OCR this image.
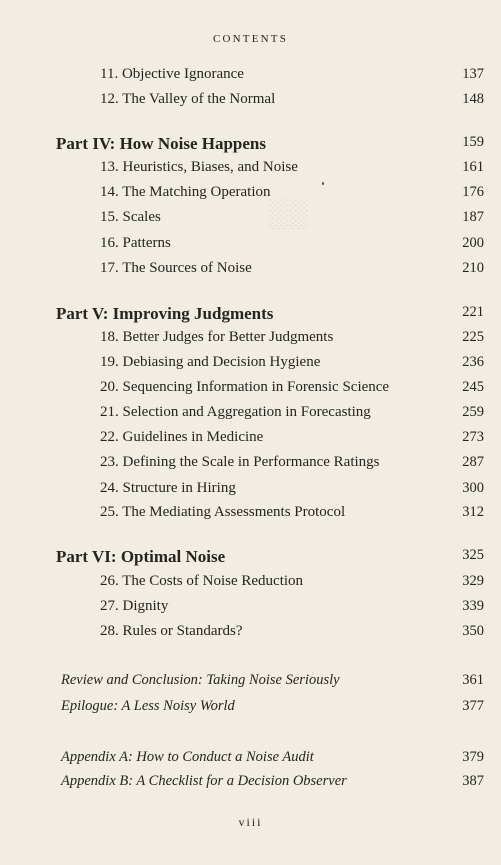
░░
CONTENTS
11. Objective Ignorance	137
12. The Valley of the Normal	148
Part IV: How Noise Happens	159
13. Heuristics, Biases, and Noise	161
14. The Matching Operation	176
15. Scales	187
16. Patterns	200
17. The Sources of Noise	210
Part V: Improving Judgments	221
18. Better Judges for Better Judgments	225
19. Debiasing and Decision Hygiene	236
20. Sequencing Information in Forensic Science	245
21. Selection and Aggregation in Forecasting	259
22. Guidelines in Medicine	273
23. Defining the Scale in Performance Ratings	287
24. Structure in Hiring	300
25. The Mediating Assessments Protocol	312
Part VI: Optimal Noise	325
26. The Costs of Noise Reduction	329
27. Dignity	339
28. Rules or Standards?	350
Review and Conclusion: Taking Noise Seriously	361
Epilogue: A Less Noisy World	377
Appendix A: How to Conduct a Noise Audit	379
Appendix B: A Checklist for a Decision Observer	387
viii
